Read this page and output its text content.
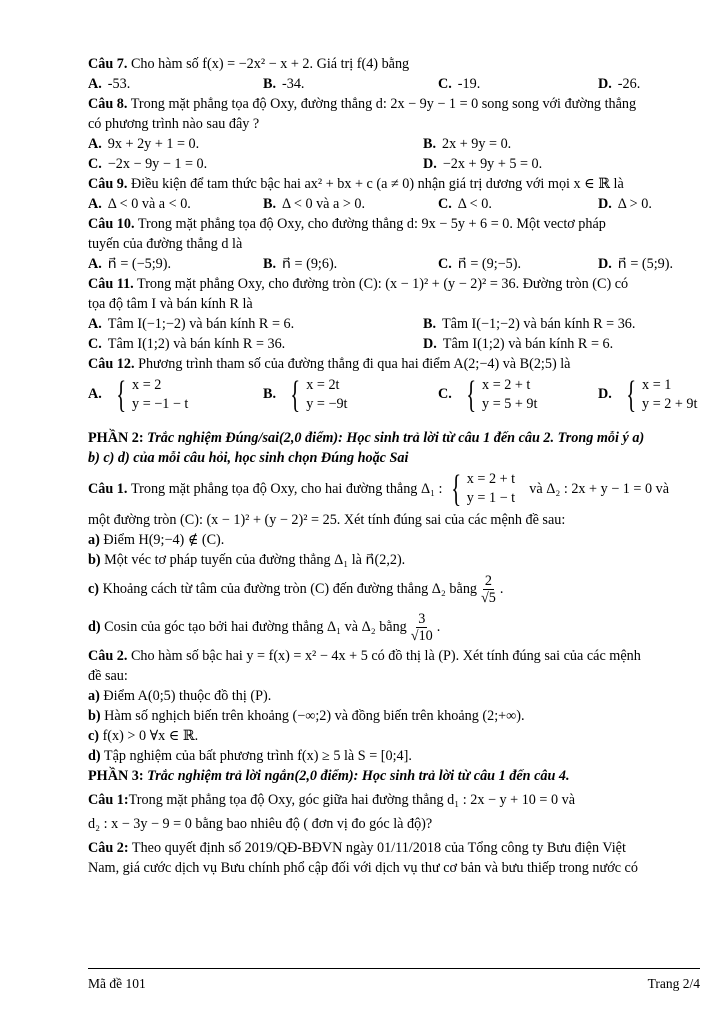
Câu 7. Cho hàm số f(x) = −2x² − x + 2. Giá trị f(4) bằng
A. -53.	B. -34.	C. -19.	D. -26.
Câu 8. Trong mặt phẳng tọa độ Oxy, đường thẳng d: 2x − 9y − 1 = 0 song song với đường thẳng
có phương trình nào sau đây ?
A. 9x + 2y + 1 = 0.	B. 2x + 9y = 0.
C. −2x − 9y − 1 = 0.	D. −2x + 9y + 5 = 0.
Câu 9. Điều kiện để tam thức bậc hai ax² + bx + c (a ≠ 0) nhận giá trị dương với mọi x ∈ ℝ là
A. Δ < 0 và a < 0.	B. Δ < 0 và a > 0.	C. Δ < 0.	D. Δ > 0.
Câu 10. Trong mặt phẳng tọa độ Oxy, cho đường thẳng d: 9x − 5y + 6 = 0. Một vectơ pháp
tuyến của đường thẳng d là
A. n⃗ = (−5;9).	B. n⃗ = (9;6).	C. n⃗ = (9;−5).	D. n⃗ = (5;9).
Câu 11. Trong mặt phẳng Oxy, cho đường tròn (C): (x − 1)² + (y − 2)² = 36. Đường tròn (C) có
tọa độ tâm I và bán kính R là
A. Tâm I(−1;−2) và bán kính R = 6.	B. Tâm I(−1;−2) và bán kính R = 36.
C. Tâm I(1;2) và bán kính R = 36.	D. Tâm I(1;2) và bán kính R = 6.
Câu 12. Phương trình tham số của đường thẳng đi qua hai điểm A(2;−4) và B(2;5) là
A. { x = 2
y = −1 − t
B. { x = 2t
y = −9t
C. { x = 2 + t
y = 5 + 9t
D. { x = 1
y = 2 + 9t
PHẦN 2: Trắc nghiệm Đúng/sai(2,0 điểm): Học sinh trả lời từ câu 1 đến câu 2. Trong mỗi ý a)
b) c) d) của mỗi câu hỏi, học sinh chọn Đúng hoặc Sai
Câu 1.
Trong mặt phẳng tọa độ Oxy, cho hai đường thẳng Δ₁ : { x = 2 + t
y = 1 − t

và Δ₂ : 2x + y − 1 = 0 và
một đường tròn (C): (x − 1)² + (y − 2)² = 25. Xét tính đúng sai của các mệnh đề sau:
a) Điểm H(9;−4) ∉ (C).
b) Một véc tơ pháp tuyến của đường thẳng Δ₁ là n⃗(2,2).
c)
Khoảng cách từ tâm của đường tròn (C) đến đường thẳng Δ₂ bằng $\frac{2}{√5}$ .
d)
Cosin của góc tạo bởi hai đường thẳng Δ₁ và Δ₂ bằng $\frac{3}{√10}$ .
Câu 2. Cho hàm số bậc hai y = f(x) = x² − 4x + 5 có đồ thị là (P). Xét tính đúng sai của các mệnh
đề sau:
a) Điểm A(0;5) thuộc đồ thị (P).
b) Hàm số nghịch biến trên khoảng (−∞;2) và đồng biến trên khoảng (2;+∞).
c) f(x) > 0 ∀x ∈ ℝ.
d) Tập nghiệm của bất phương trình f(x) ≥ 5 là S = [0;4].
PHẦN 3: Trắc nghiệm trả lời ngắn(2,0 điểm): Học sinh trả lời từ câu 1 đến câu 4.
Câu 1:Trong mặt phẳng tọa độ Oxy, góc giữa hai đường thẳng d₁ : 2x − y + 10 = 0 và
d₂ : x − 3y − 9 = 0 bằng bao nhiêu độ ( đơn vị đo góc là độ)?
Câu 2: Theo quyết định số 2019/QĐ-BĐVN ngày 01/11/2018 của Tổng công ty Bưu điện Việt
Nam, giá cước dịch vụ Bưu chính phổ cập đối với dịch vụ thư cơ bản và bưu thiếp trong nước có
Mã đề 101	Trang 2/4
